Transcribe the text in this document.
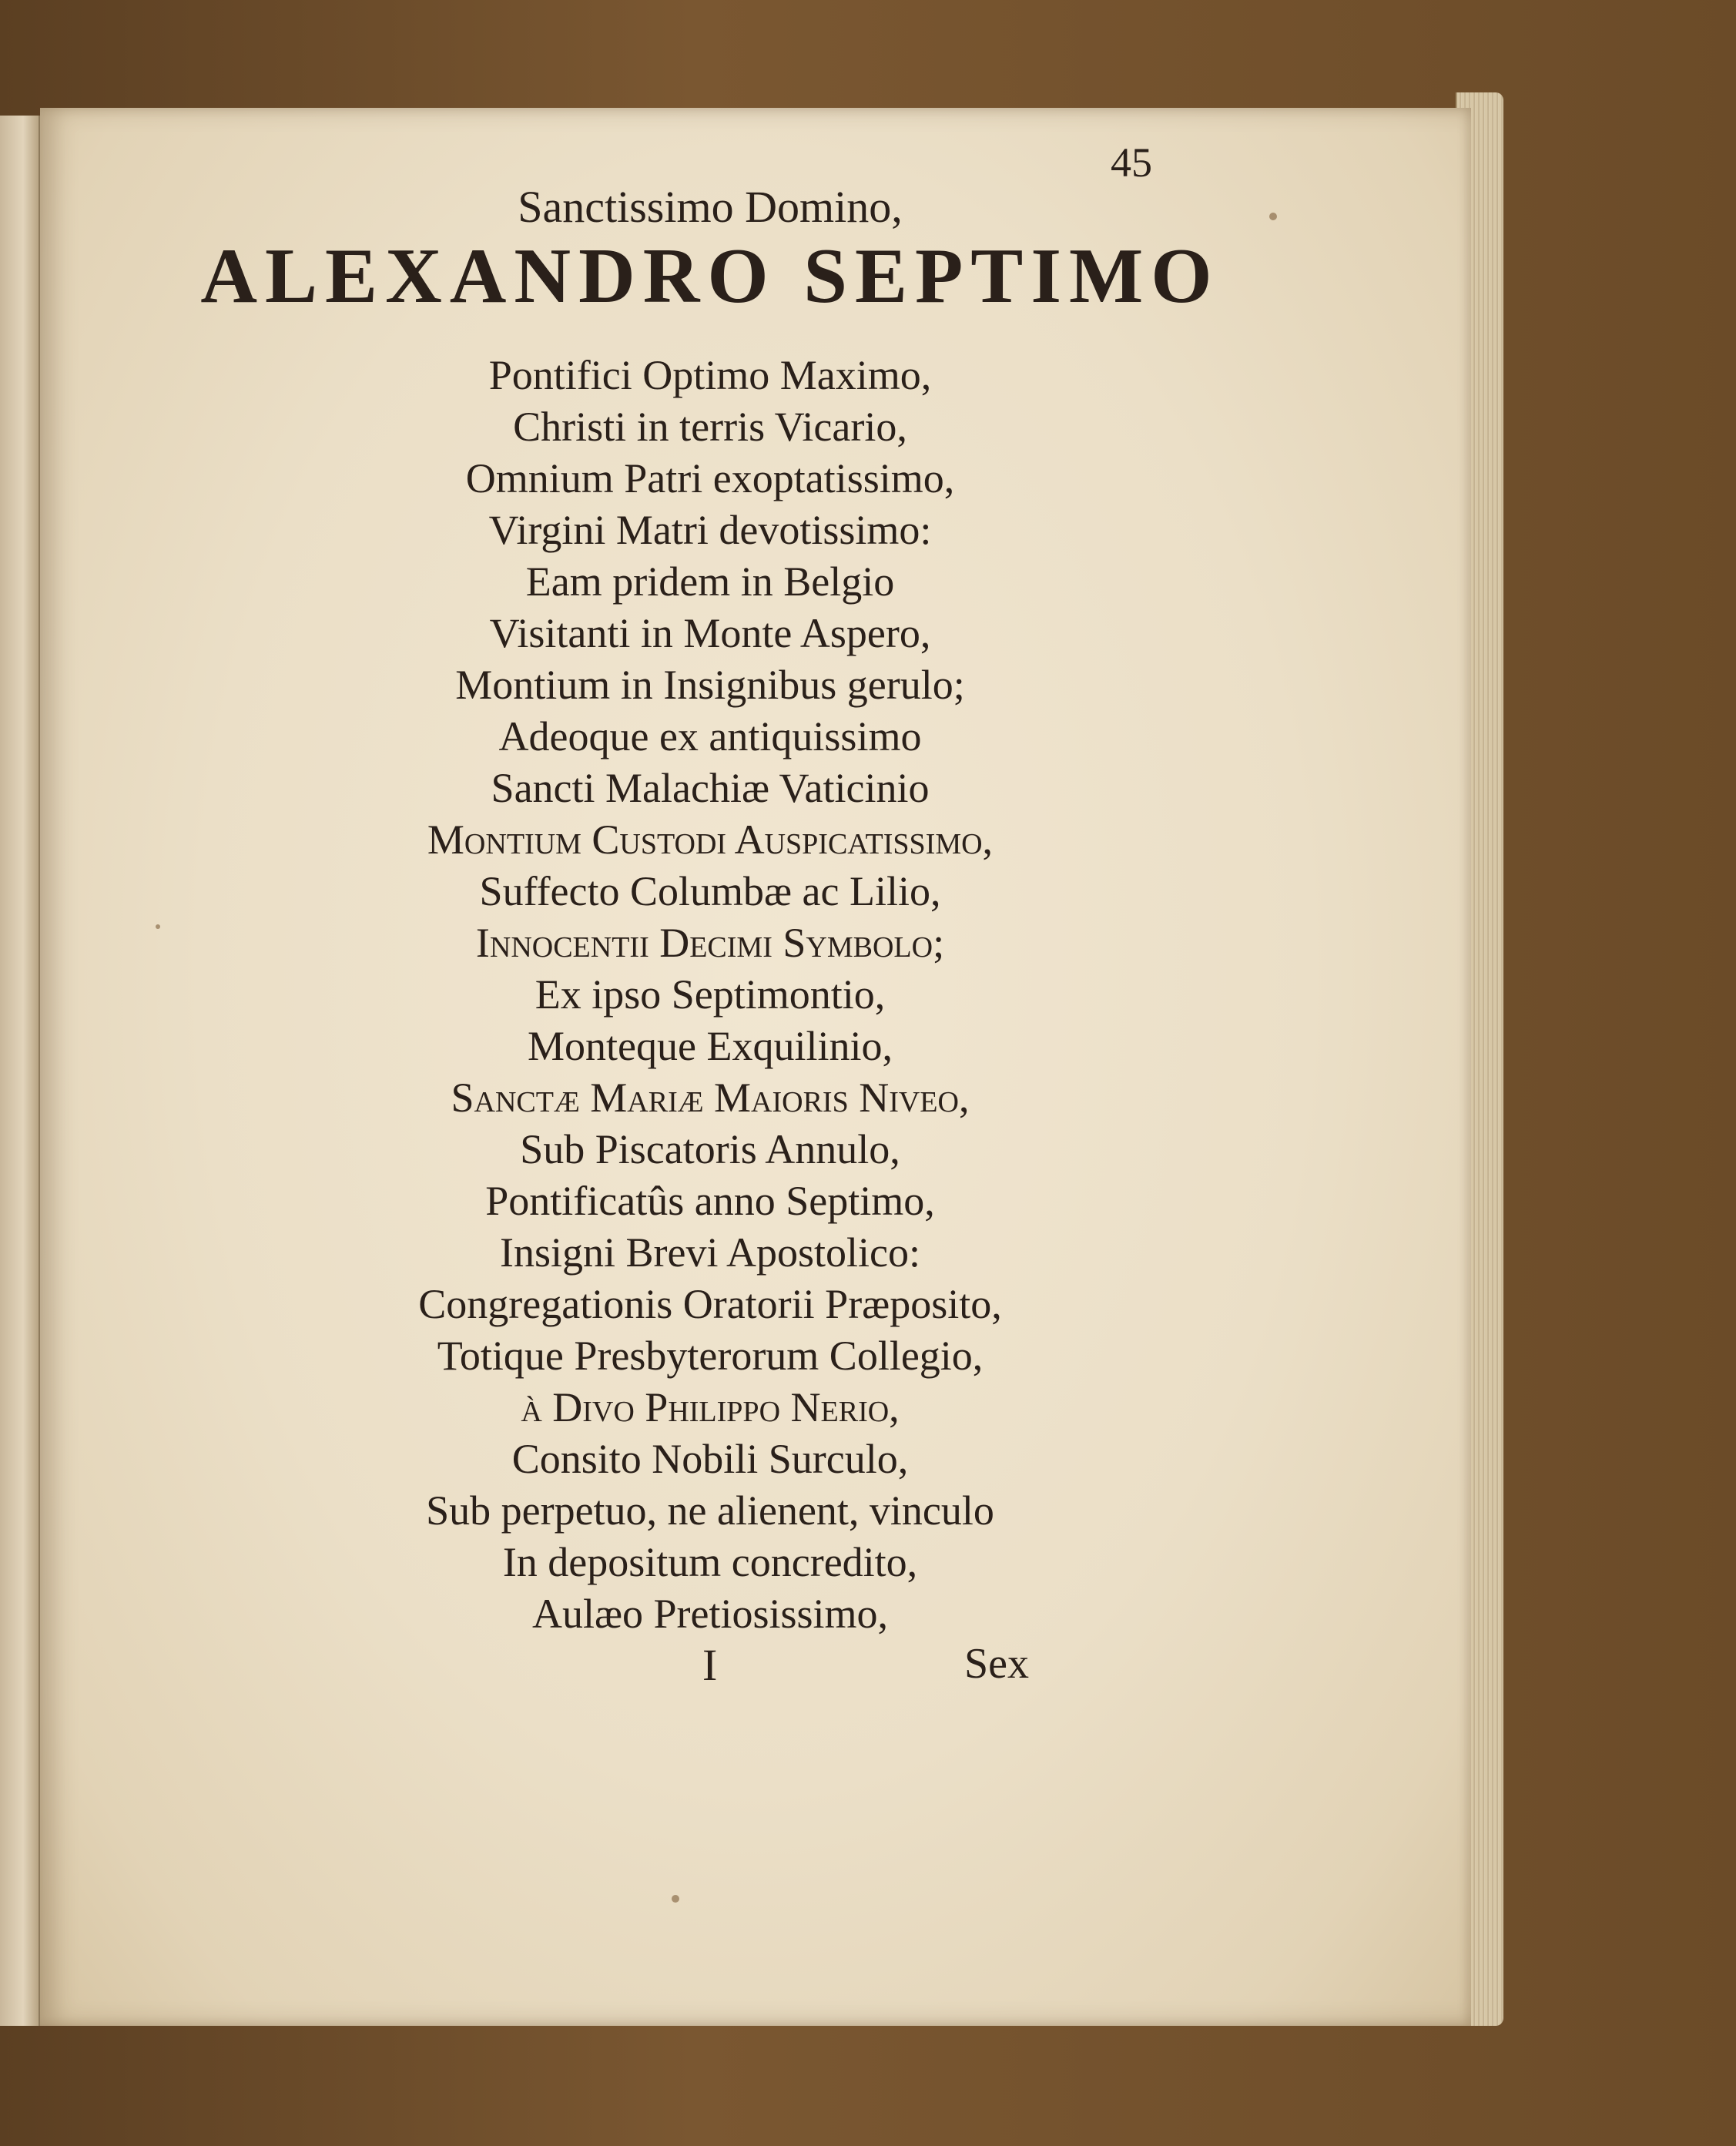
45
Sanctissimo Domino,
ALEXANDRO SEPTIMO
Pontifici Optimo Maximo,
Christi in terris Vicario,
Omnium Patri exoptatissimo,
Virgini Matri devotissimo:
Eam pridem in Belgio
Visitanti in Monte Aspero,
Montium in Insignibus gerulo;
Adeoque ex antiquissimo
Sancti Malachiæ Vaticinio
Montium Custodi Auspicatissimo,
Suffecto Columbæ ac Lilio,
Innocentii Decimi Symbolo;
Ex ipso Septimontio,
Monteque Exquilinio,
Sanctæ Mariæ Maioris Niveo,
Sub Piscatoris Annulo,
Pontificatûs anno Septimo,
Insigni Brevi Apostolico:
Congregationis Oratorii Præposito,
Totique Presbyterorum Collegio,
à Divo Philippo Nerio,
Consito Nobili Surculo,
Sub perpetuo, ne alienent, vinculo
In depositum concredito,
Aulæo Pretiosissimo,
I	Sex
